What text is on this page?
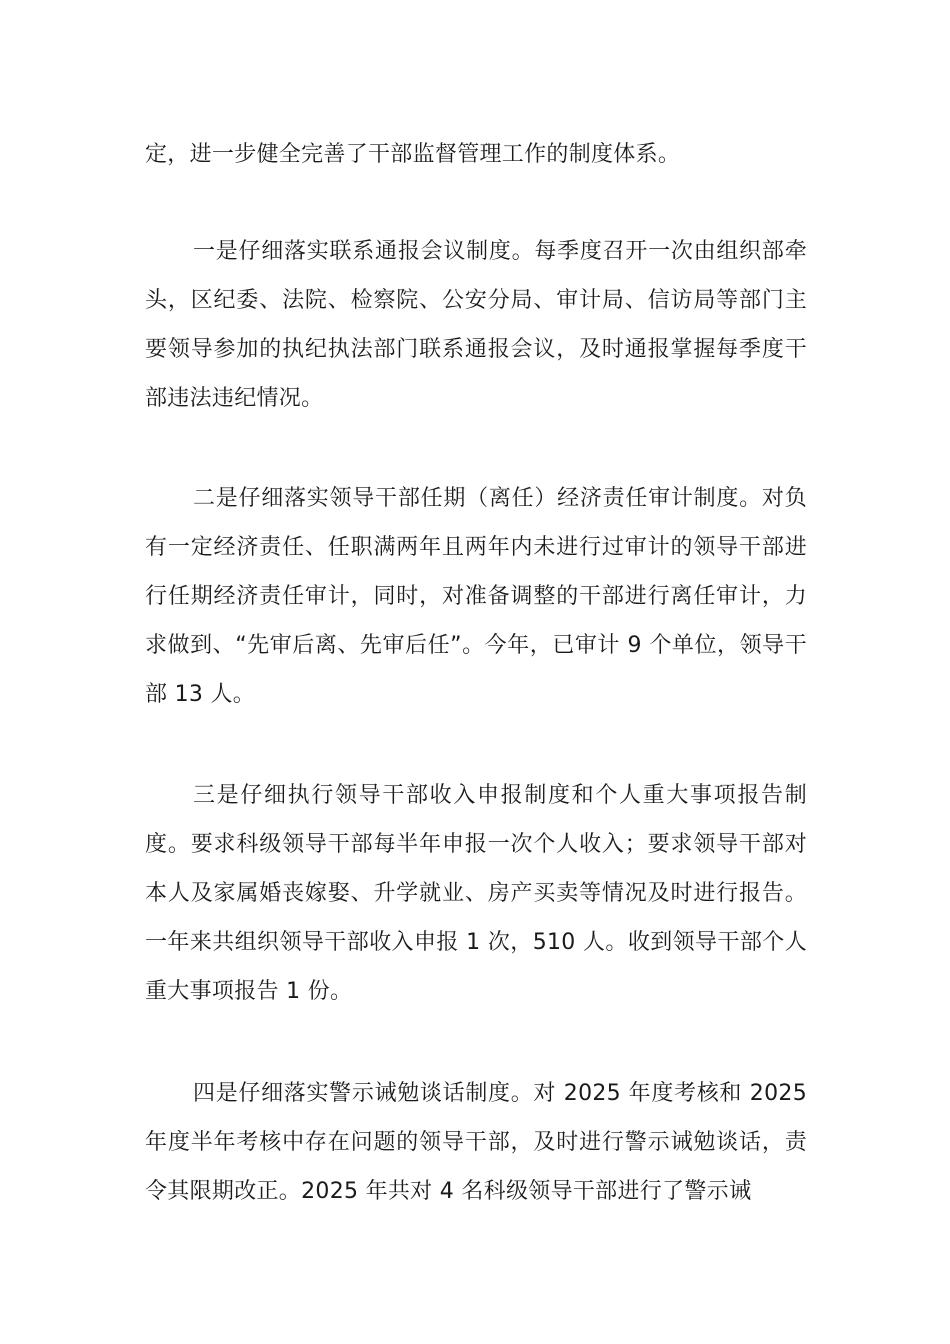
定，进一步健全完善了干部监督管理工作的制度体系。

一是仔细落实联系通报会议制度。每季度召开一次由组织部牵头，区纪委、法院、检察院、公安分局、审计局、信访局等部门主要领导参加的执纪执法部门联系通报会议，及时通报掌握每季度干部违法违纪情况。

二是仔细落实领导干部任期（离任）经济责任审计制度。对负有一定经济责任、任职满两年且两年内未进行过审计的领导干部进行任期经济责任审计，同时，对准备调整的干部进行离任审计，力求做到、“先审后离、先审后任”。今年，已审计 9 个单位，领导干部 13 人。

三是仔细执行领导干部收入申报制度和个人重大事项报告制度。要求科级领导干部每半年申报一次个人收入；要求领导干部对本人及家属婚丧嫁娶、升学就业、房产买卖等情况及时进行报告。一年来共组织领导干部收入申报 1 次，510 人。收到领导干部个人重大事项报告 1 份。

四是仔细落实警示诫勉谈话制度。对 2025 年度考核和 2025 年度半年考核中存在问题的领导干部，及时进行警示诫勉谈话，责令其限期改正。2025 年共对 4 名科级领导干部进行了警示诫
